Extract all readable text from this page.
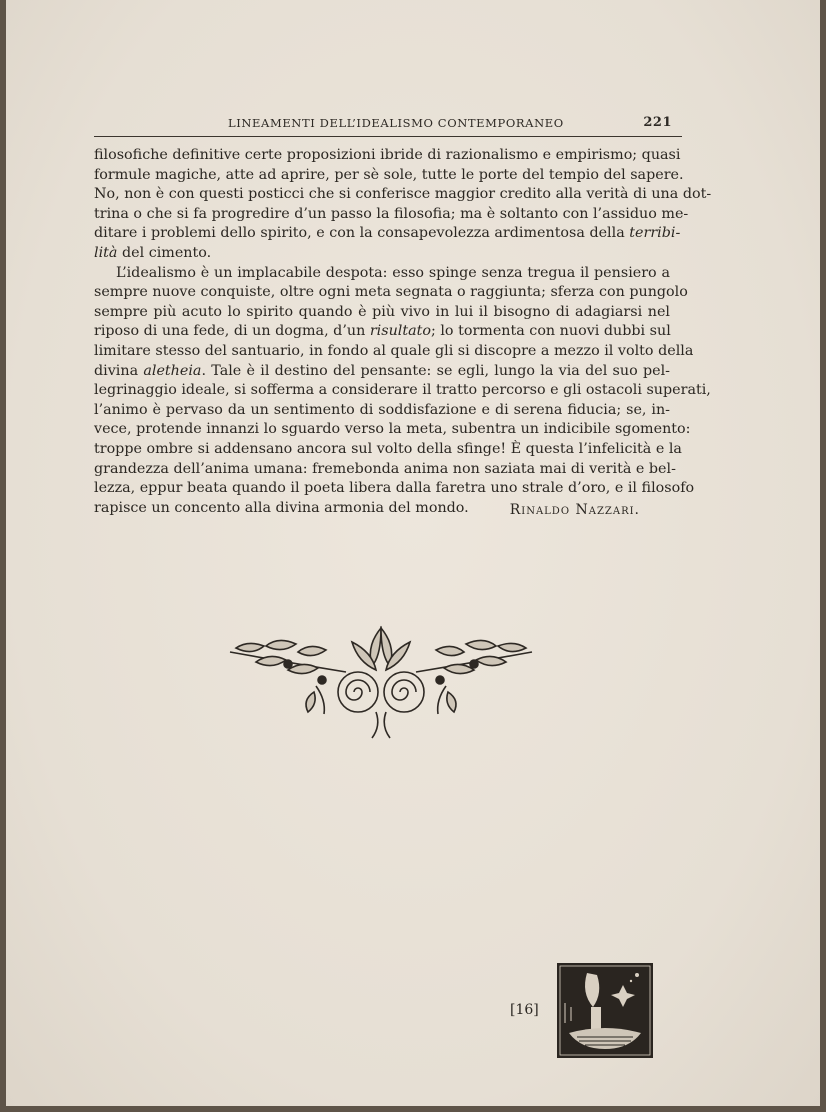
LINEAMENTI DELL’IDEALISMO CONTEMPORANEO	221

filosofiche definitive certe proposizioni ibride di razionalismo e empirismo; quasi
formule magiche, atte ad aprire, per sè sole, tutte le porte del tempio del sapere.
No, non è con questi posticci che si conferisce maggior credito alla verità di una dot-
trina o che si fa progredire d’un passo la filosofia; ma è soltanto con l’assiduo me-
ditare i problemi dello spirito, e con la consapevolezza ardimentosa della terribi-
lità del cimento.

L’idealismo è un implacabile despota: esso spinge senza tregua il pensiero a
sempre nuove conquiste, oltre ogni meta segnata o raggiunta; sferza con pungolo
sempre più acuto lo spirito quando è più vivo in lui il bisogno di adagiarsi nel
riposo di una fede, di un dogma, d’un risultato; lo tormenta con nuovi dubbi sul
limitare stesso del santuario, in fondo al quale gli si discopre a mezzo il volto della
divina aletheia. Tale è il destino del pensante: se egli, lungo la via del suo pel-
legrinaggio ideale, si sofferma a considerare il tratto percorso e gli ostacoli superati,
l’animo è pervaso da un sentimento di soddisfazione e di serena fiducia; se, in-
vece, protende innanzi lo sguardo verso la meta, subentra un indicibile sgomento:
troppe ombre si addensano ancora sul volto della sfinge! È questa l’infelicità e la
grandezza dell’anima umana: fremebonda anima non saziata mai di verità e bel-
lezza, eppur beata quando il poeta libera dalla faretra uno strale d’oro, e il filosofo
rapisce un concento alla divina armonia del mondo.	Rinaldo Nazzari.
[16]
